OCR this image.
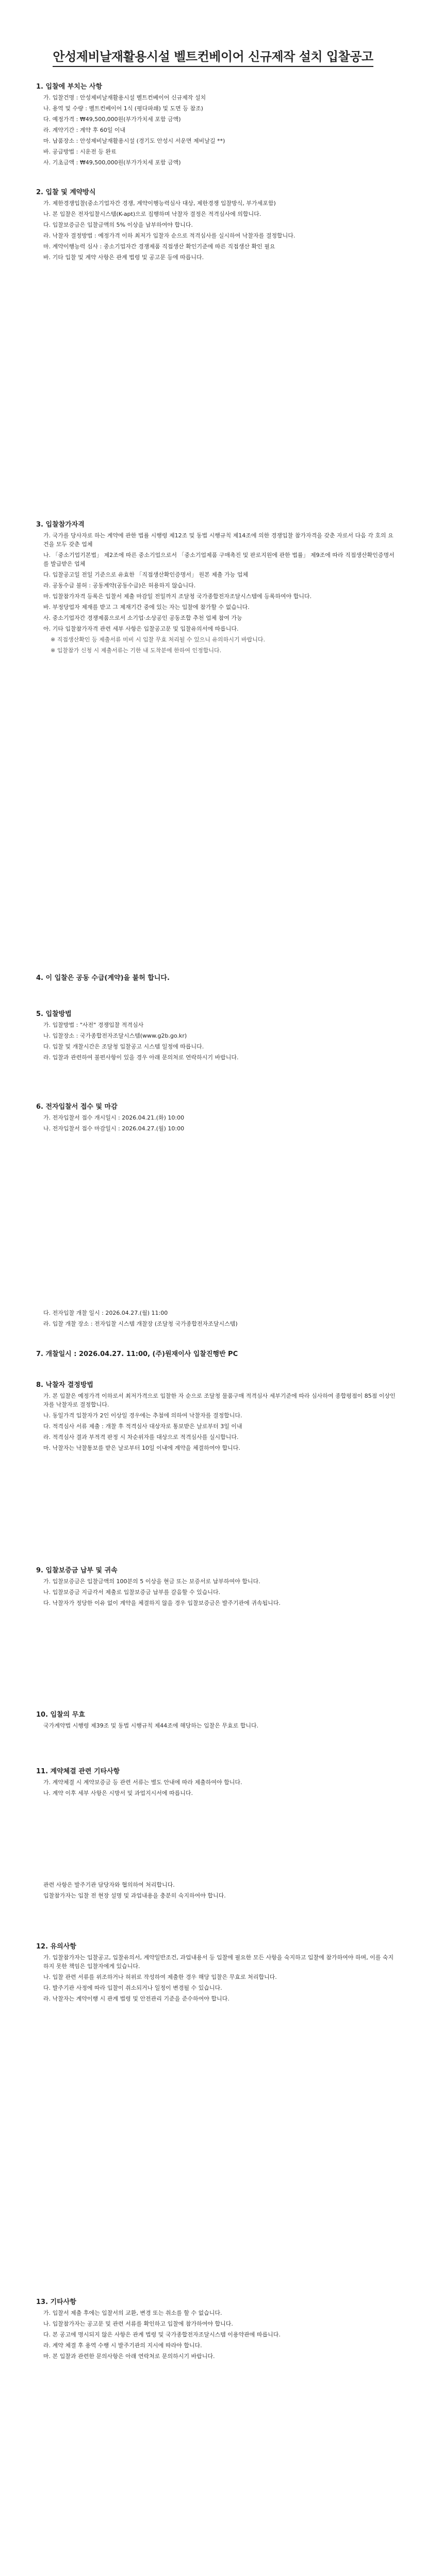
안성제비날재활용시설 벨트컨베이어 신규제작 설치 입찰공고
1. 입찰에 부치는 사항

가. 입찰건명 : 안성제비날재활용시설 벨트컨베이어 신규제작 설치

나. 용역 및 수량 : 벨트컨베이어 1식 (평다파쇄) 및 도면 등 참조)

다. 예정가격 : ₩49,500,000원(부가가치세 포함 금액)

라. 계약기간 : 계약 후 60일 이내

마. 납품장소 : 안성제비날재활용시설 (경기도 안성시 서운면 제비날길 **)

바. 공급방법 : 시운전 등 완료

사. 기초금액 : ₩49,500,000원(부가가치세 포함 금액)

2. 입찰 및 계약방식

가. 제한경쟁입찰(중소기업자간 경쟁, 계약이행능력심사 대상, 제한경쟁 입찰방식, 부가세포함)

나. 본 입찰은 전자입찰시스템(K-apt)으로 집행하며 낙찰자 결정은 적격심사에 의합니다.

다. 입찰보증금은 입찰금액의 5% 이상을 납부하여야 합니다.

라. 낙찰자 결정방법 : 예정가격 이하 최저가 입찰자 순으로 적격심사를 실시하여 낙찰자를 결정합니다.

마. 계약이행능력 심사 : 중소기업자간 경쟁제품 직접생산 확인기준에 따른 직접생산 확인 필요

바. 기타 입찰 및 계약 사항은 관계 법령 및 공고문 등에 따릅니다.

3. 입찰참가자격

가. 국가를 당사자로 하는 계약에 관한 법률 시행령 제12조 및 동법 시행규칙 제14조에 의한 경쟁입찰 참가자격을 갖춘 자로서 다음 각 호의 요건을 모두 갖춘 업체

나. 「중소기업기본법」 제2조에 따른 중소기업으로서 「중소기업제품 구매촉진 및 판로지원에 관한 법률」 제9조에 따라 직접생산확인증명서를 발급받은 업체

다. 입찰공고일 전일 기준으로 유효한 「직접생산확인증명서」 원본 제출 가능 업체

라. 공동수급 불허 : 공동계약(공동수급)은 허용하지 않습니다.

마. 입찰참가자격 등록은 입찰서 제출 마감일 전일까지 조달청 국가종합전자조달시스템에 등록하여야 합니다.

바. 부정당업자 제재를 받고 그 제재기간 중에 있는 자는 입찰에 참가할 수 없습니다.

사. 중소기업자간 경쟁제품으로서 소기업·소상공인 공동조합 추천 업체 참여 가능

아. 기타 입찰참가자격 관련 세부 사항은 입찰공고문 및 입찰유의서에 따릅니다.

※ 직접생산확인 등 제출서류 미비 시 입찰 무효 처리될 수 있으니 유의하시기 바랍니다.

※ 입찰참가 신청 시 제출서류는 기한 내 도착분에 한하여 인정합니다.

4. 이 입찰은 공동 수급(계약)을 불허 합니다.
5. 입찰방법

가. 입찰방법 : "사전" 경쟁입찰 적격심사

나. 입찰장소 : 국가종합전자조달시스템(www.g2b.go.kr)

다. 입찰 및 개찰시간은 조달청 입찰공고 시스템 일정에 따릅니다.

라. 입찰과 관련하여 불편사항이 있을 경우 아래 문의처로 연락하시기 바랍니다.

6. 전자입찰서 접수 및 마감

가. 전자입찰서 접수 개시일시 : 2026.04.21.(화) 10:00

나. 전자입찰서 접수 마감일시 : 2026.04.27.(월) 10:00

다. 전자입찰 개찰 일시 : 2026.04.27.(월) 11:00

라. 입찰 개찰 장소 : 전자입찰 시스템 개찰장 (조달청 국가종합전자조달시스템)

7. 개찰일시 : 2026.04.27. 11:00, (주)원재이사 입찰진행반 PC
8. 낙찰자 결정방법

가. 본 입찰은 예정가격 이하로서 최저가격으로 입찰한 자 순으로 조달청 물품구매 적격심사 세부기준에 따라 심사하여 종합평점이 85점 이상인 자를 낙찰자로 결정합니다.

나. 동일가격 입찰자가 2인 이상일 경우에는 추첨에 의하여 낙찰자를 결정합니다.

다. 적격심사 서류 제출 : 개찰 후 적격심사 대상자로 통보받은 날로부터 3일 이내

라. 적격심사 결과 부적격 판정 시 차순위자를 대상으로 적격심사를 실시합니다.

마. 낙찰자는 낙찰통보를 받은 날로부터 10일 이내에 계약을 체결하여야 합니다.

9. 입찰보증금 납부 및 귀속

가. 입찰보증금은 입찰금액의 100분의 5 이상을 현금 또는 보증서로 납부하여야 합니다.

나. 입찰보증금 지급각서 제출로 입찰보증금 납부를 갈음할 수 있습니다.

다. 낙찰자가 정당한 이유 없이 계약을 체결하지 않을 경우 입찰보증금은 발주기관에 귀속됩니다.

10. 입찰의 무효

국가계약법 시행령 제39조 및 동법 시행규칙 제44조에 해당하는 입찰은 무효로 합니다.

11. 계약체결 관련 기타사항

가. 계약체결 시 계약보증금 등 관련 서류는 별도 안내에 따라 제출하여야 합니다.

나. 계약 이후 세부 사항은 시방서 및 과업지시서에 따릅니다.

관련 사항은 발주기관 담당자와 협의하여 처리합니다.

입찰참가자는 입찰 전 현장 설명 및 과업내용을 충분히 숙지하여야 합니다.

12. 유의사항

가. 입찰참가자는 입찰공고, 입찰유의서, 계약일반조건, 과업내용서 등 입찰에 필요한 모든 사항을 숙지하고 입찰에 참가하여야 하며, 이를 숙지하지 못한 책임은 입찰자에게 있습니다.

나. 입찰 관련 서류를 위조하거나 허위로 작성하여 제출한 경우 해당 입찰은 무효로 처리합니다.

다. 발주기관 사정에 따라 입찰이 취소되거나 일정이 변경될 수 있습니다.

라. 낙찰자는 계약이행 시 관계 법령 및 안전관리 기준을 준수하여야 합니다.

13. 기타사항

가. 입찰서 제출 후에는 입찰서의 교환, 변경 또는 취소를 할 수 없습니다.

나. 입찰참가자는 공고문 및 관련 서류를 확인하고 입찰에 참가하여야 합니다.

다. 본 공고에 명시되지 않은 사항은 관계 법령 및 국가종합전자조달시스템 이용약관에 따릅니다.

라. 계약 체결 후 용역 수행 시 발주기관의 지시에 따라야 합니다.

마. 본 입찰과 관련한 문의사항은 아래 연락처로 문의하시기 바랍니다.
